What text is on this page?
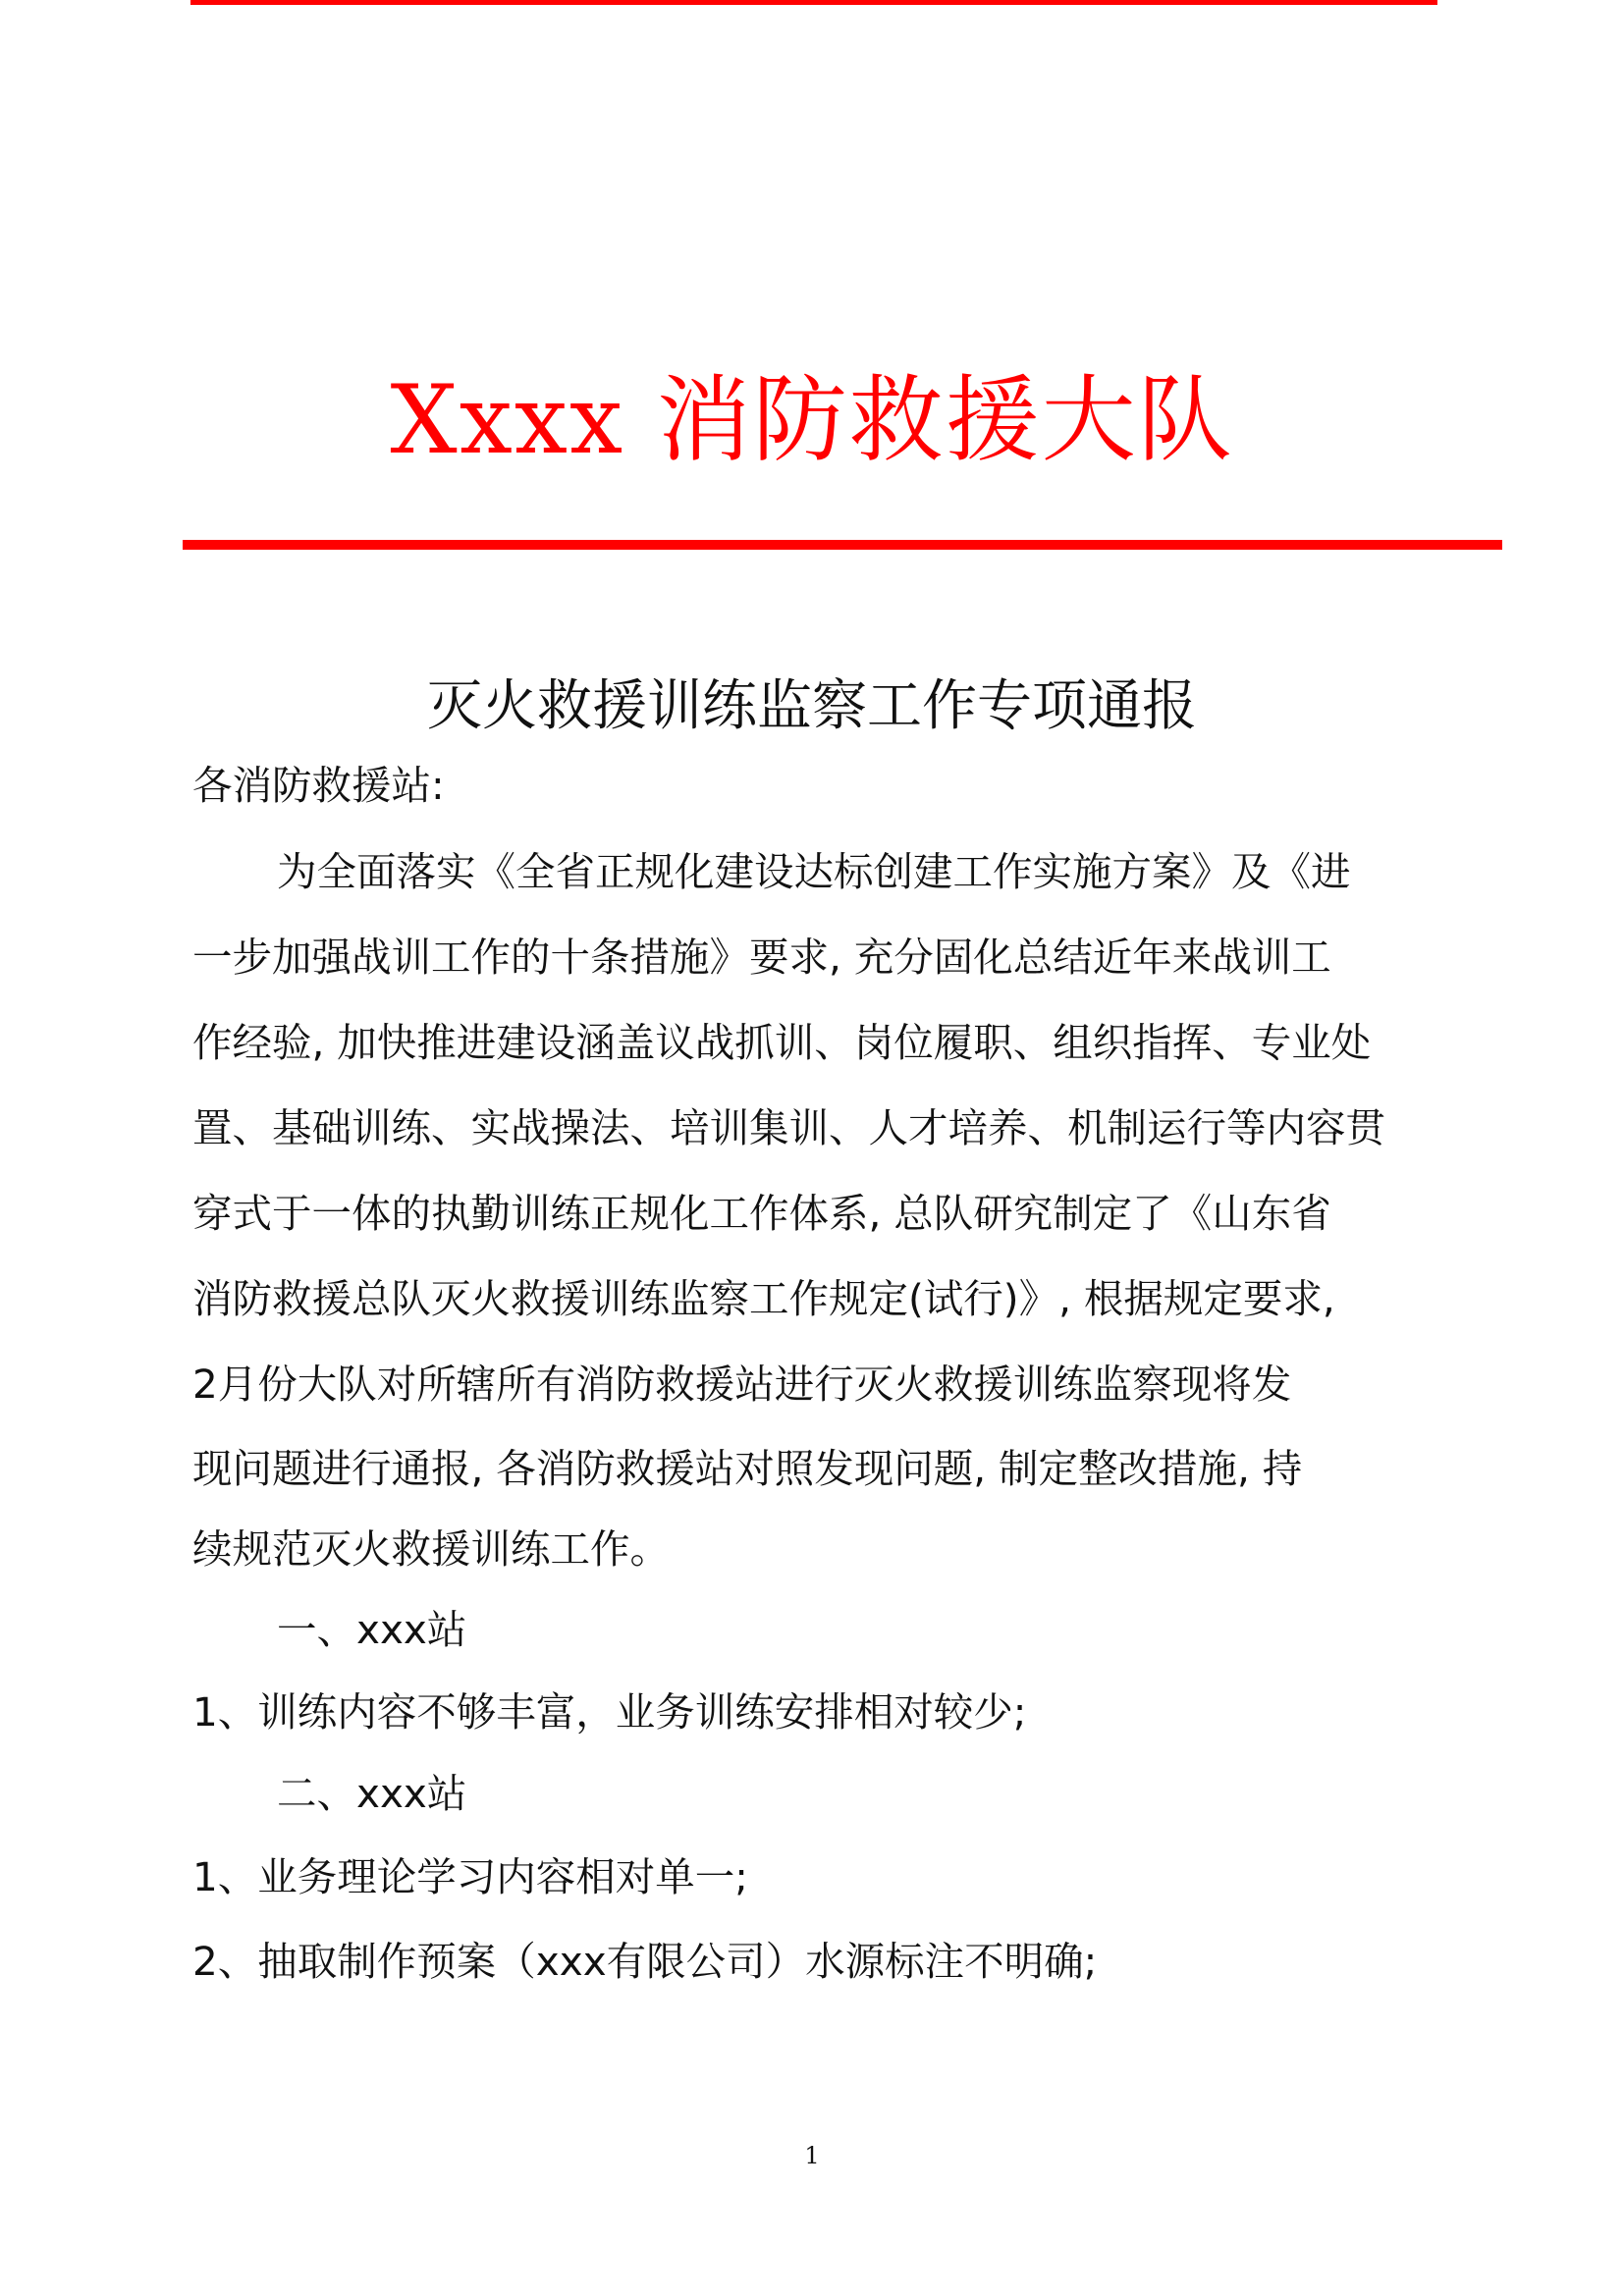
Xxxx 消防救援大队
灭火救援训练监察工作专项通报
各消防救援站:
为全面落实《全省正规化建设达标创建工作实施方案》及《进
一步加强战训工作的十条措施》要求, 充分固化总结近年来战训工
作经验, 加快推进建设涵盖议战抓训、岗位履职、组织指挥、专业处
置、基础训练、实战操法、培训集训、人才培养、机制运行等内容贯
穿式于一体的执勤训练正规化工作体系, 总队研究制定了《山东省
消防救援总队灭火救援训练监察工作规定(试行)》, 根据规定要求,
2月份大队对所辖所有消防救援站进行灭火救援训练监察现将发
现问题进行通报, 各消防救援站对照发现问题, 制定整改措施, 持
续规范灭火救援训练工作。
一、xxx站
1、训练内容不够丰富，业务训练安排相对较少;
二、xxx站
1、业务理论学习内容相对单一;
2、抽取制作预案（xxx有限公司）水源标注不明确;
1
